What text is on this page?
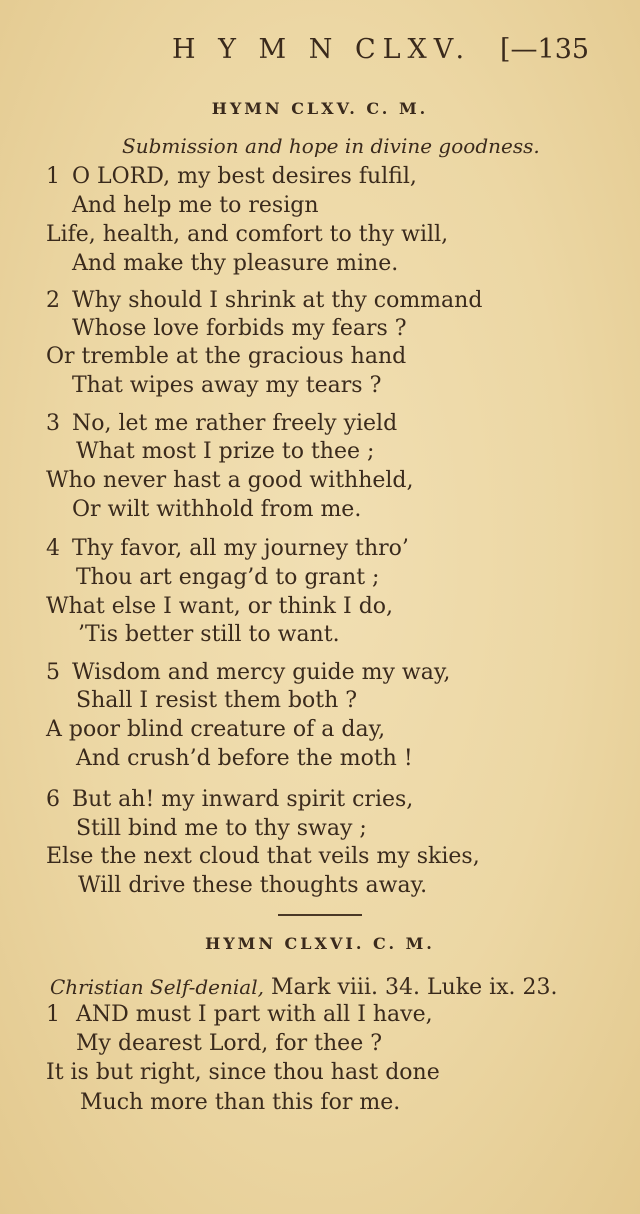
H Y M N CLXV. [—135
HYMN CLXV. C. M.
Submission and hope in divine goodness.
1 O LORD, my best desires fulfil,
And help me to resign
Life, health, and comfort to thy will,
And make thy pleasure mine.
2 Why should I shrink at thy command
Whose love forbids my fears ?
Or tremble at the gracious hand
That wipes away my tears ?
3 No, let me rather freely yield
What most I prize to thee ;
Who never hast a good withheld,
Or wilt withhold from me.
4 Thy favor, all my journey thro’
Thou art engag’d to grant ;
What else I want, or think I do,
’Tis better still to want.
5 Wisdom and mercy guide my way,
Shall I resist them both ?
A poor blind creature of a day,
And crush’d before the moth !
6 But ah! my inward spirit cries,
Still bind me to thy sway ;
Else the next cloud that veils my skies,
Will drive these thoughts away.
HYMN CLXVI. C. M.
Christian Self-denial, Mark viii. 34. Luke ix. 23.
1 AND must I part with all I have,
My dearest Lord, for thee ?
It is but right, since thou hast done
Much more than this for me.
